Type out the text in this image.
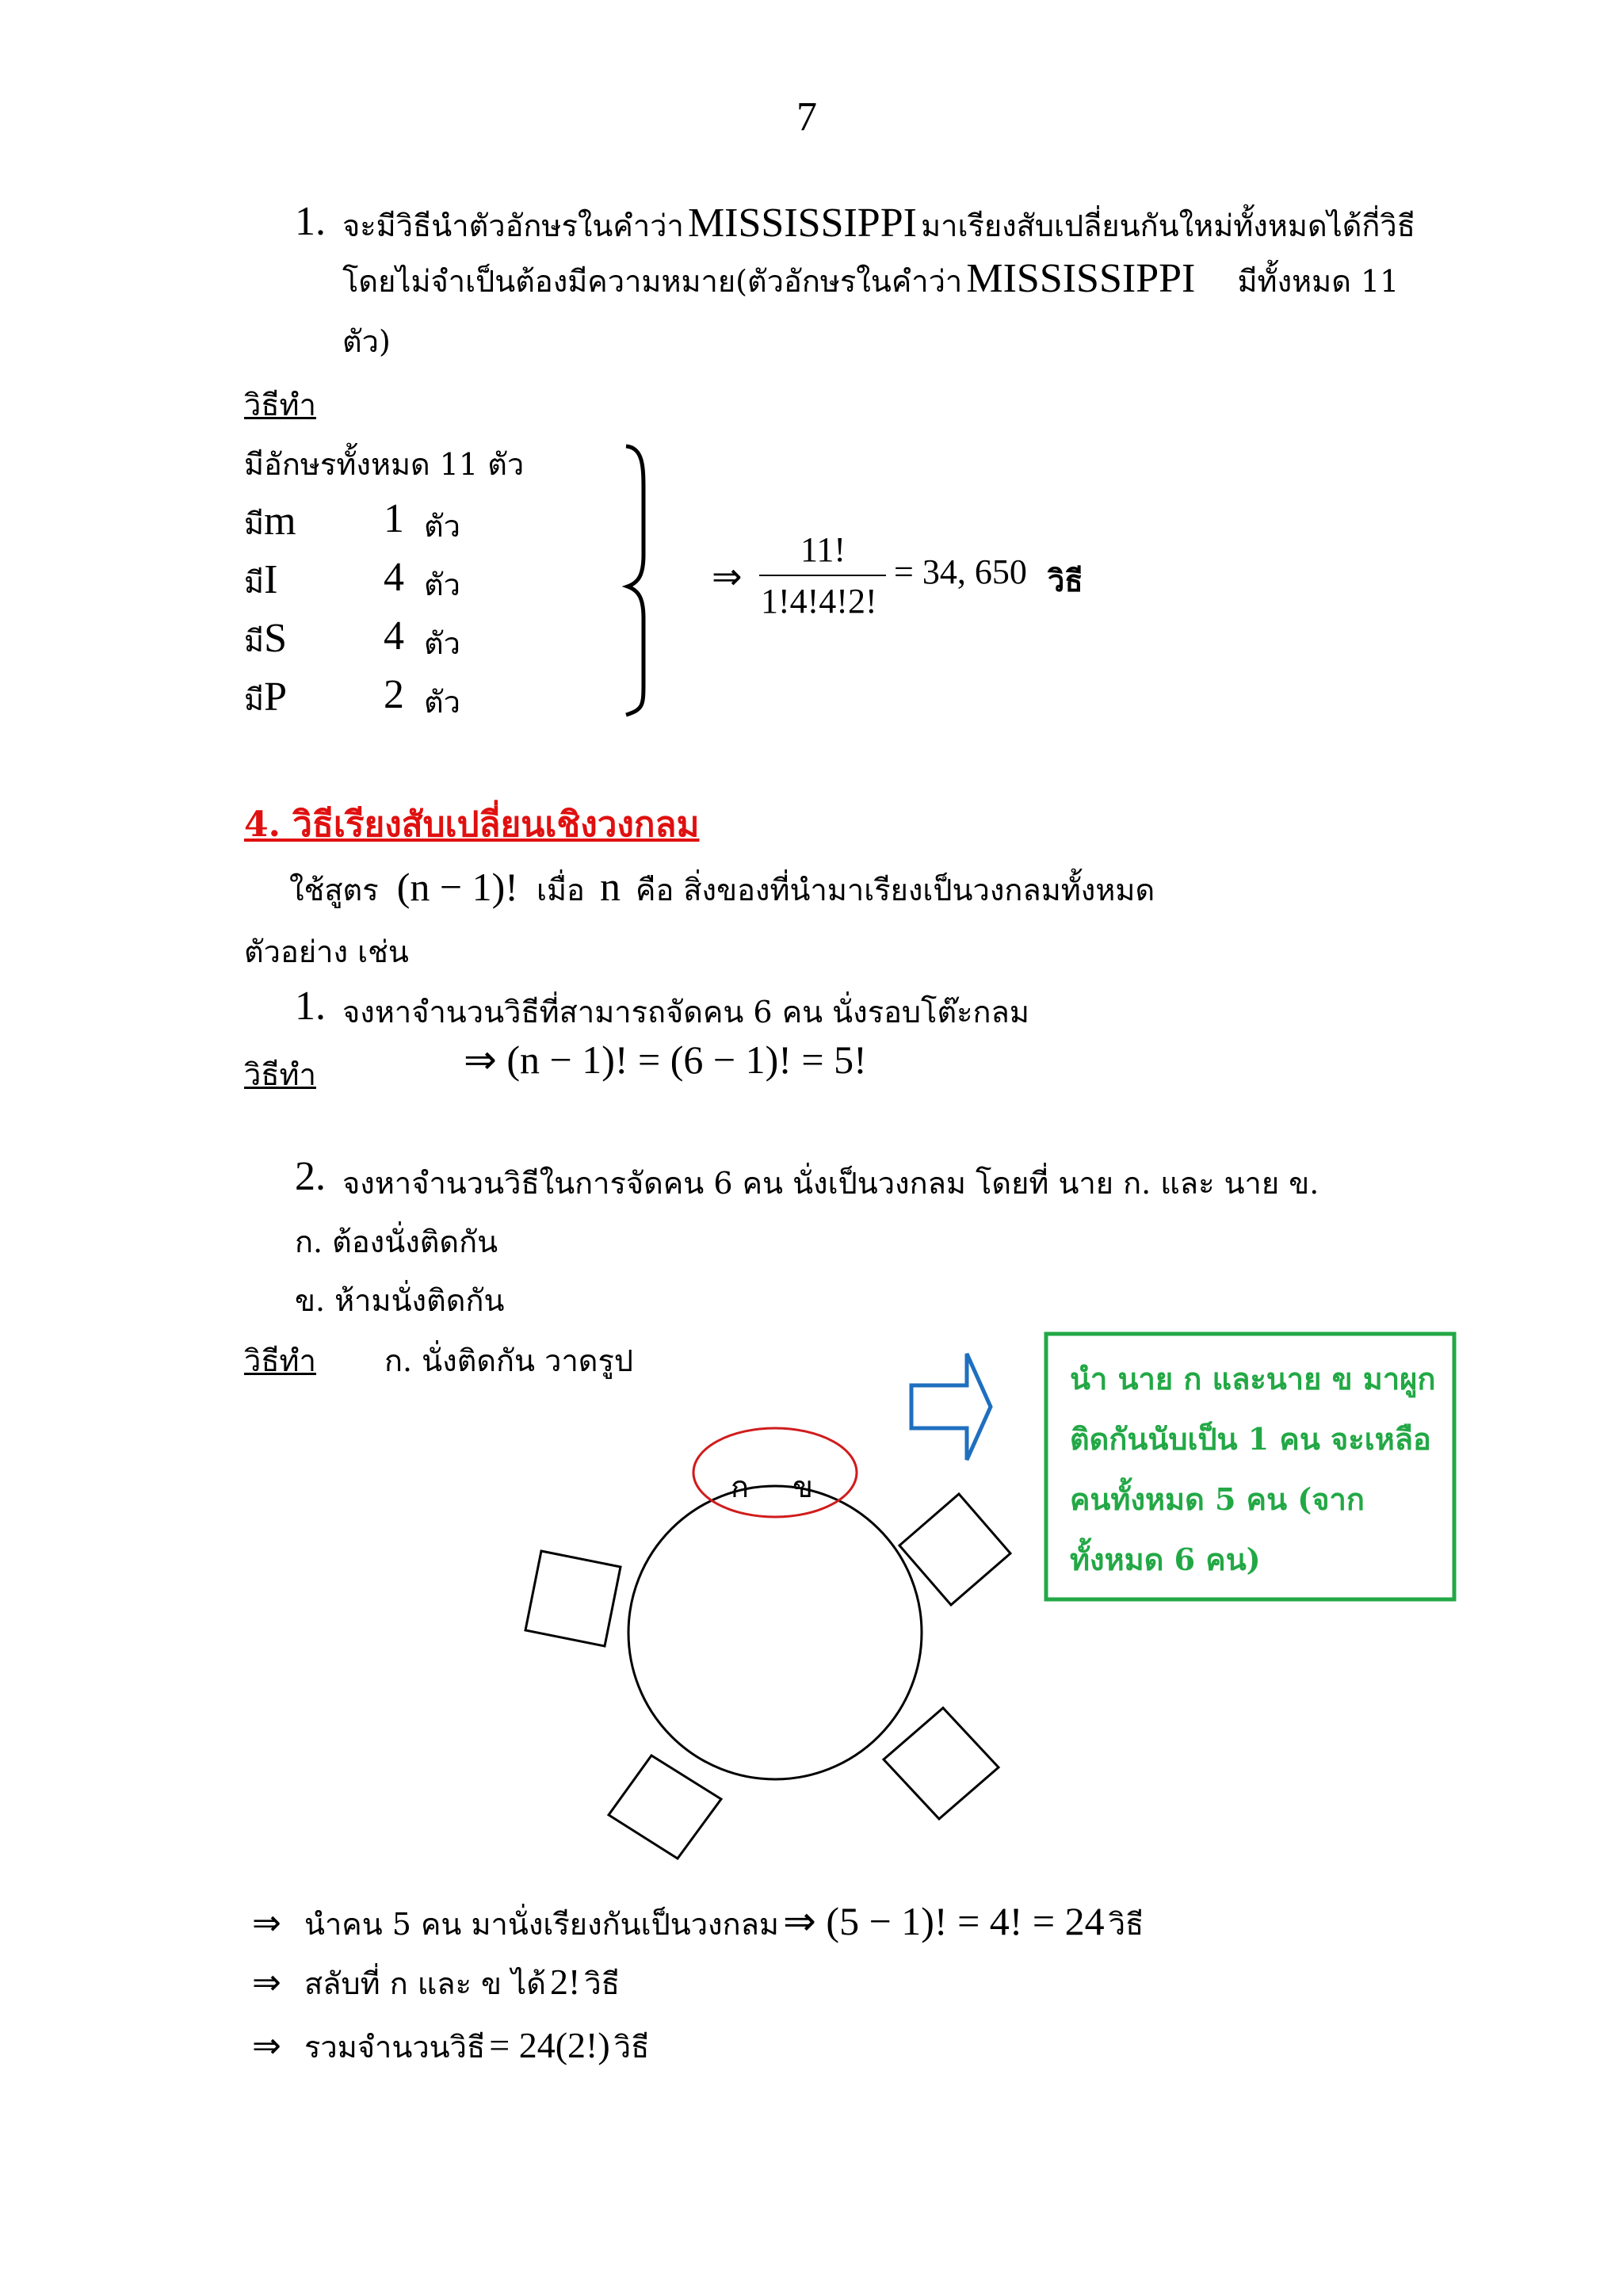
7
1. จะมีวิธีนำตัวอักษรในคำว่า MISSISSIPPI มาเรียงสับเปลี่ยนกันใหม่ทั้งหมดได้กี่วิธี
โดยไม่จำเป็นต้องมีความหมาย(ตัวอักษรในคำว่า MISSISSIPPI มีทั้งหมด 11
ตัว)
วิธีทำ
มีอักษรทั้งหมด 11 ตัว
มีm 1 ตัว
มีI	4 ตัว
มีS 4 ตัว
มีP 2 ตัว
⇒
11!
1!4!4!2!
= 34, 650 วิธี
4. วิธีเรียงสับเปลี่ยนเชิงวงกลม
ใช้สูตร (n − 1)! เมื่อ n คือ สิ่งของที่นำมาเรียงเป็นวงกลมทั้งหมด
ตัวอย่าง เช่น
1. จงหาจำนวนวิธีที่สามารถจัดคน 6 คน นั่งรอบโต๊ะกลม
วิธีทำ	⇒ (n − 1)! = (6 − 1)! = 5!
2. จงหาจำนวนวิธีในการจัดคน 6 คน นั่งเป็นวงกลม โดยที่ นาย ก. และ นาย ข.
ก. ต้องนั่งติดกัน
ข. ห้ามนั่งติดกัน
วิธีทำ ก. นั่งติดกัน วาดรูป
ก ข
นำ นาย ก และนาย ข มาผูก
ติดกันนับเป็น 1 คน จะเหลือ
คนทั้งหมด 5 คน (จาก
ทั้งหมด 6 คน)
⇒ นำคน 5 คน มานั่งเรียงกันเป็นวงกลม ⇒ (5 − 1)! = 4! = 24 วิธี
⇒ สลับที่ ก และ ข ได้ 2! วิธี
⇒ รวมจำนวนวิธี = 24(2!) วิธี
